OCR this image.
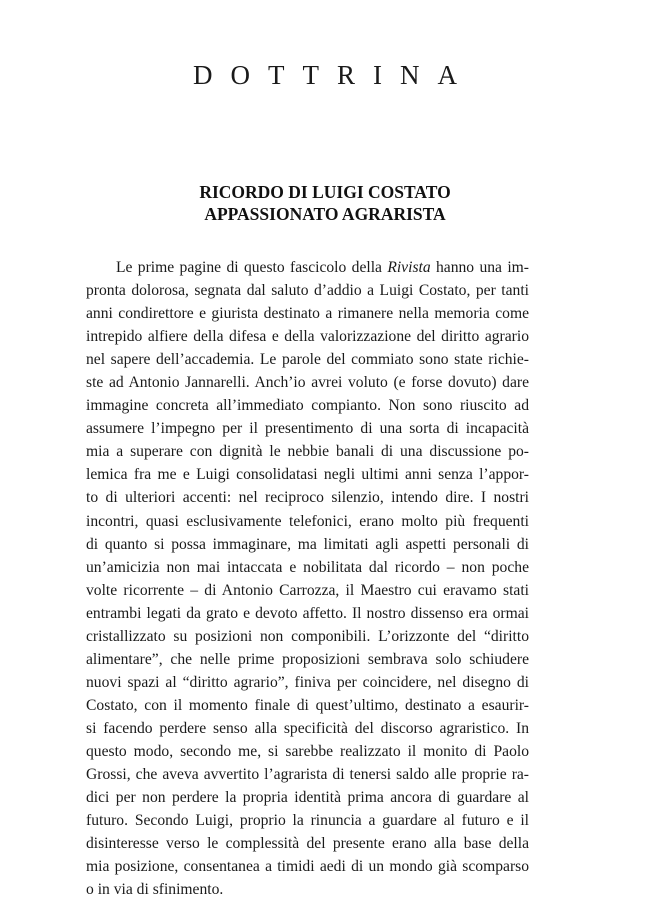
DOTTRINA
RICORDO DI LUIGI COSTATO
APPASSIONATO AGRARISTA
Le prime pagine di questo fascicolo della Rivista hanno una im-
pronta dolorosa, segnata dal saluto d’addio a Luigi Costato, per tanti
anni condirettore e giurista destinato a rimanere nella memoria come
intrepido alfiere della difesa e della valorizzazione del diritto agrario
nel sapere dell’accademia. Le parole del commiato sono state richie-
ste ad Antonio Jannarelli. Anch’io avrei voluto (e forse dovuto) dare
immagine concreta all’immediato compianto. Non sono riuscito ad
assumere l’impegno per il presentimento di una sorta di incapacità
mia a superare con dignità le nebbie banali di una discussione po-
lemica fra me e Luigi consolidatasi negli ultimi anni senza l’appor-
to di ulteriori accenti: nel reciproco silenzio, intendo dire. I nostri
incontri, quasi esclusivamente telefonici, erano molto più frequenti
di quanto si possa immaginare, ma limitati agli aspetti personali di
un’amicizia non mai intaccata e nobilitata dal ricordo – non poche
volte ricorrente – di Antonio Carrozza, il Maestro cui eravamo stati
entrambi legati da grato e devoto affetto. Il nostro dissenso era ormai
cristallizzato su posizioni non componibili. L’orizzonte del “diritto
alimentare”, che nelle prime proposizioni sembrava solo schiudere
nuovi spazi al “diritto agrario”, finiva per coincidere, nel disegno di
Costato, con il momento finale di quest’ultimo, destinato a esaurir-
si facendo perdere senso alla specificità del discorso agraristico. In
questo modo, secondo me, si sarebbe realizzato il monito di Paolo
Grossi, che aveva avvertito l’agrarista di tenersi saldo alle proprie ra-
dici per non perdere la propria identità prima ancora di guardare al
futuro. Secondo Luigi, proprio la rinuncia a guardare al futuro e il
disinteresse verso le complessità del presente erano alla base della
mia posizione, consentanea a timidi aedi di un mondo già scomparso
o in via di sfinimento.
